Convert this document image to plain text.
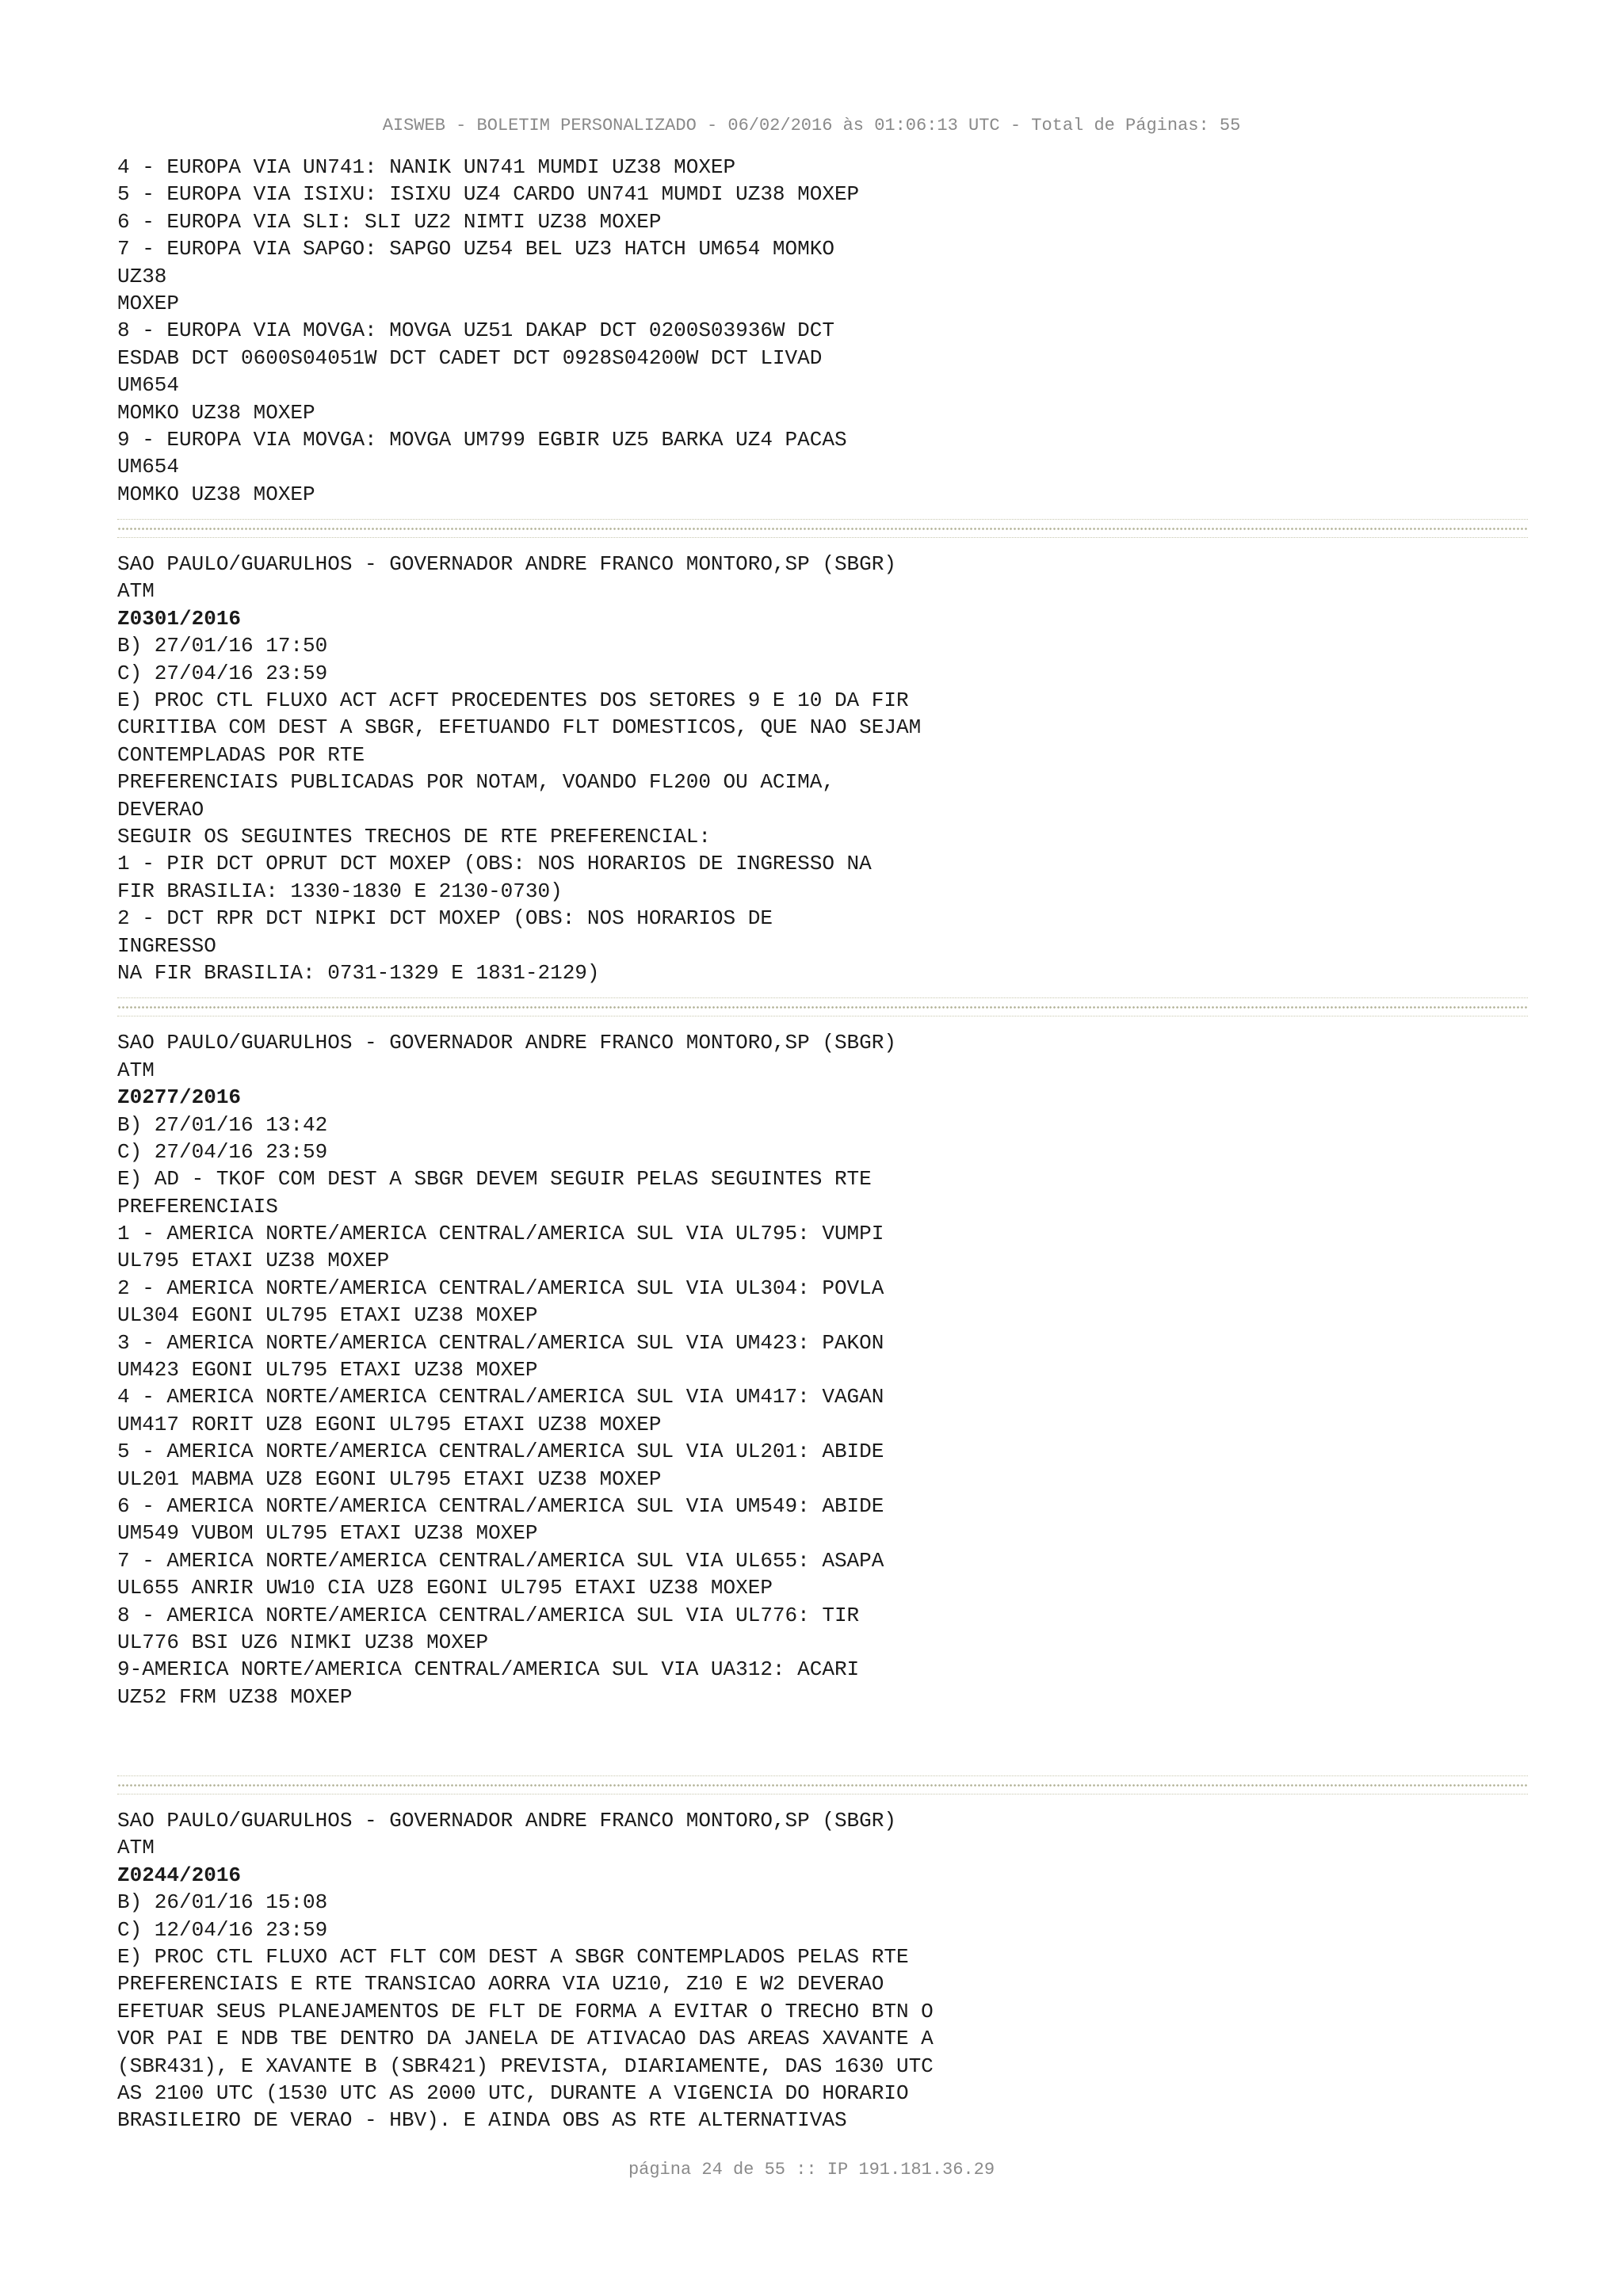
AISWEB - BOLETIM PERSONALIZADO - 06/02/2016 às 01:06:13 UTC - Total de Páginas: 55
4 - EUROPA VIA UN741: NANIK UN741 MUMDI UZ38 MOXEP
5 - EUROPA VIA ISIXU: ISIXU UZ4 CARDO UN741 MUMDI UZ38 MOXEP
6 - EUROPA VIA SLI: SLI UZ2 NIMTI UZ38 MOXEP
7 - EUROPA VIA SAPGO: SAPGO UZ54 BEL UZ3 HATCH UM654 MOMKO
UZ38
MOXEP
8 - EUROPA VIA MOVGA: MOVGA UZ51 DAKAP DCT 0200S03936W DCT
ESDAB DCT 0600S04051W DCT CADET DCT 0928S04200W DCT LIVAD
UM654
MOMKO UZ38 MOXEP
9 - EUROPA VIA MOVGA: MOVGA UM799 EGBIR UZ5 BARKA UZ4 PACAS
UM654
MOMKO UZ38 MOXEP
SAO PAULO/GUARULHOS - GOVERNADOR ANDRE FRANCO MONTORO,SP (SBGR)
ATM
Z0301/2016
B) 27/01/16 17:50
C) 27/04/16 23:59
E) PROC CTL FLUXO ACT ACFT PROCEDENTES DOS SETORES 9 E 10 DA FIR
CURITIBA COM DEST A SBGR, EFETUANDO FLT DOMESTICOS, QUE NAO SEJAM
CONTEMPLADAS POR RTE
PREFERENCIAIS PUBLICADAS POR NOTAM, VOANDO FL200 OU ACIMA,
DEVERAO
SEGUIR OS SEGUINTES TRECHOS DE RTE PREFERENCIAL:
1 - PIR DCT OPRUT DCT MOXEP (OBS: NOS HORARIOS DE INGRESSO NA
FIR BRASILIA: 1330-1830 E 2130-0730)
2 - DCT RPR DCT NIPKI DCT MOXEP (OBS: NOS HORARIOS DE
INGRESSO
NA FIR BRASILIA: 0731-1329 E 1831-2129)
SAO PAULO/GUARULHOS - GOVERNADOR ANDRE FRANCO MONTORO,SP (SBGR)
ATM
Z0277/2016
B) 27/01/16 13:42
C) 27/04/16 23:59
E) AD - TKOF COM DEST A SBGR DEVEM SEGUIR PELAS SEGUINTES RTE
PREFERENCIAIS
1 - AMERICA NORTE/AMERICA CENTRAL/AMERICA SUL VIA UL795: VUMPI
UL795 ETAXI UZ38 MOXEP
2 - AMERICA NORTE/AMERICA CENTRAL/AMERICA SUL VIA UL304: POVLA
UL304 EGONI UL795 ETAXI UZ38 MOXEP
3 - AMERICA NORTE/AMERICA CENTRAL/AMERICA SUL VIA UM423: PAKON
UM423 EGONI UL795 ETAXI UZ38 MOXEP
4 - AMERICA NORTE/AMERICA CENTRAL/AMERICA SUL VIA UM417: VAGAN
UM417 RORIT UZ8 EGONI UL795 ETAXI UZ38 MOXEP
5 - AMERICA NORTE/AMERICA CENTRAL/AMERICA SUL VIA UL201: ABIDE
UL201 MABMA UZ8 EGONI UL795 ETAXI UZ38 MOXEP
6 - AMERICA NORTE/AMERICA CENTRAL/AMERICA SUL VIA UM549: ABIDE
UM549 VUBOM UL795 ETAXI UZ38 MOXEP
7 - AMERICA NORTE/AMERICA CENTRAL/AMERICA SUL VIA UL655: ASAPA
UL655 ANRIR UW10 CIA UZ8 EGONI UL795 ETAXI UZ38 MOXEP
8 - AMERICA NORTE/AMERICA CENTRAL/AMERICA SUL VIA UL776: TIR
UL776 BSI UZ6 NIMKI UZ38 MOXEP
9-AMERICA NORTE/AMERICA CENTRAL/AMERICA SUL VIA UA312: ACARI
UZ52 FRM UZ38 MOXEP
SAO PAULO/GUARULHOS - GOVERNADOR ANDRE FRANCO MONTORO,SP (SBGR)
ATM
Z0244/2016
B) 26/01/16 15:08
C) 12/04/16 23:59
E) PROC CTL FLUXO ACT FLT COM DEST A SBGR CONTEMPLADOS PELAS RTE
PREFERENCIAIS E RTE TRANSICAO AORRA VIA UZ10, Z10 E W2 DEVERAO
EFETUAR SEUS PLANEJAMENTOS DE FLT DE FORMA A EVITAR O TRECHO BTN O
VOR PAI E NDB TBE DENTRO DA JANELA DE ATIVACAO DAS AREAS XAVANTE A
(SBR431), E XAVANTE B (SBR421) PREVISTA, DIARIAMENTE, DAS 1630 UTC
AS 2100 UTC (1530 UTC AS 2000 UTC, DURANTE A VIGENCIA DO HORARIO
BRASILEIRO DE VERAO - HBV). E AINDA OBS AS RTE ALTERNATIVAS
página 24 de 55 :: IP 191.181.36.29
